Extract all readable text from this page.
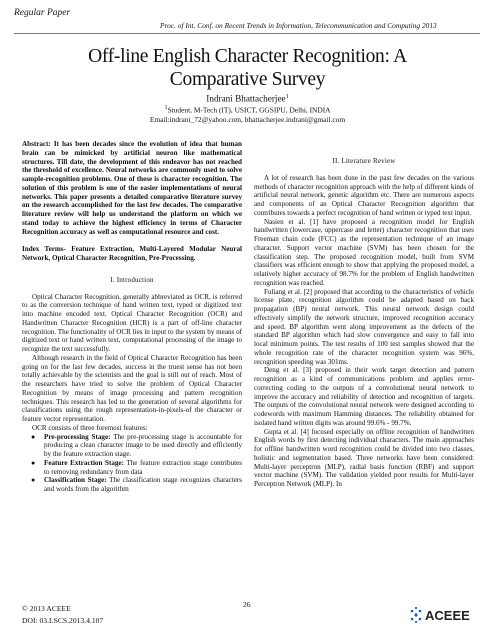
Regular Paper
Proc. of Int. Conf. on Recent Trends in Information, Telecommunication and Computing 2013
Off-line English Character Recognition: A
Comparative Survey
Indrani Bhattacherjee$^1$
$^1$Student, M-Tech (IT), USICT, GGSIPU, Delhi, INDIA
Email:indrani_72@yahoo.com, bhattacherjee.indrani@gmail.com

Abstract: It has been decades since the evolution of idea that human brain can be mimicked by artificial neuron like mathematical structures. Till date, the development of this endeavor has not reached the threshold of excellence. Neural networks are commonly used to solve sample-recognition problems. One of these is character recognition. The solution of this problem is one of the easier implementations of neural networks. This paper presents a detailed comparative literature survey on the research accomplished for the last few decades. The comparative literature review will help us understand the platform on which we stand today to achieve the highest efficiency in terms of Character Recognition accuracy as well as computational resource and cost.

Index Terms- Feature Extraction, Multi-Layered Modular Neural Network, Optical Character Recognition, Pre-Processing.

I. Introduction

Optical Character Recognition, generally abbreviated as OCR, is referred to as the conversion technique of hand written text, typed or digitized text into machine encoded text. Optical Character Recognition (OCR) and Handwritten Character Recognition (HCR) is a part of off-line character recognition. The functionality of OCR lies in input to the system by means of digitized text or hand written text, computational processing of the image to recognize the text successfully.

Although research in the field of Optical Character Recognition has been going on for the last few decades, success in the truest sense has not been totally achievable by the scientists and the goal is still out of reach. Most of the researchers have tried to solve the problem of Optical Character Recognition by means of image processing and pattern recognition techniques. This research has led to the generation of several algorithms for classifications using the rough representation-in-pixels-of the character or feature vector representation.

OCR consists of three foremost features:

● Pre-processing Stage: The pre-processing stage is accountable for producing a clean character image to be used directly and efficiently by the feature extraction stage.
● Feature Extraction Stage: The feature extraction stage contributes to removing redundancy from data
● Classification Stage: The classification stage recognizes characters and words from the algorithm

II. Literature Review

A lot of research has been done in the past few decades on the various methods of character recognition approach with the help of different kinds of artificial neural network, genetic algorithm etc. There are numerous aspects and components of an Optical Character Recognition algorithm that contributes towards a perfect recognition of hand written or typed text input.

Nasien et al. [1] have proposed a recognition model for English handwritten (lowercase, uppercase and letter) character recognition that uses Freeman chain code (FCC) as the representation technique of an image character. Support vector machine (SVM) has been chosen for the classification step. The proposed recognition model, built from SVM classifiers was efficient enough to show that applying the proposed model, a relatively higher accuracy of 98.7% for the problem of English handwritten recognition was reached.

Fuliang et al. [2] proposed that according to the characteristics of vehicle license plate, recognition algorithm could be adapted based on back propagation (BP) neural network. This neural network design could effectively simplify the network structure, improved recognition accuracy and speed. BP algorithm went along improvement as the defects of the standard BP algorithm which had slow convergence and easy to fall into local minimum points. The test results of 100 test samples showed that the whole recognition rate of the character recognition system was 96%, recognition speeding was 301ms.

Deng et al. [3] proposed in their work target detection and pattern recognition as a kind of communications problem and applies error-correcting coding to the outputs of a convolutional neural network to improve the accuracy and reliability of detection and recognition of targets. The outputs of the convolutional neural network were designed according to codewords with maximum Hamming distances. The reliability obtained for isolated hand written digits was around 99.6% - 99.7%.

Gupta et al. [4] focused especially on offline recognition of handwritten English words by first detecting individual characters. The main approaches for offline handwritten word recognition could be divided into two classes, holistic and segmentation based. Three networks have been considered: Multi-layer perceptron (MLP), radial basis function (RBF) and support vector machine (SVM). The validation yielded poor results for Multi-layer Perceptron Network (MLP). In

© 2013 ACEEE
DOI: 03.LSCS.2013.4.107
26
ACEEE
